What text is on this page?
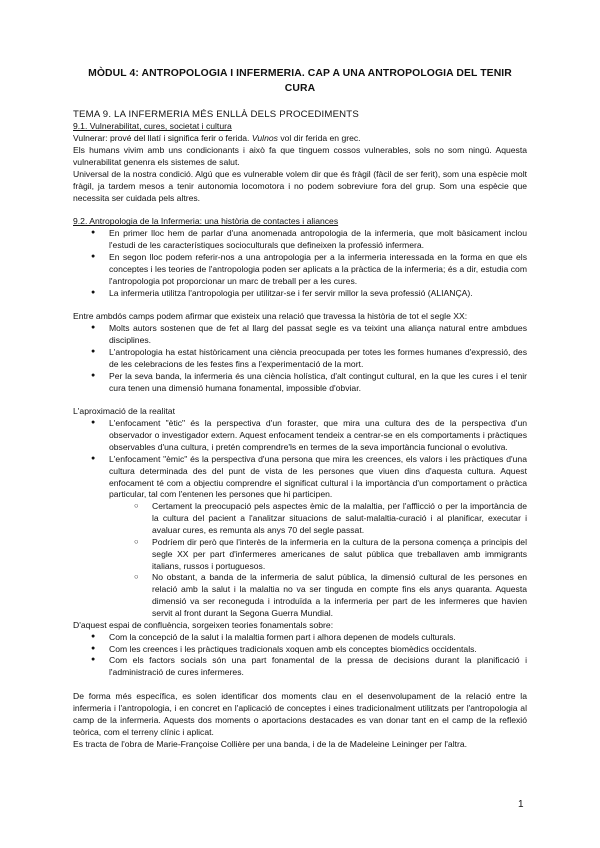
MÒDUL 4: ANTROPOLOGIA I INFERMERIA. CAP A UNA ANTROPOLOGIA DEL TENIR CURA

TEMA 9. LA INFERMERIA MÉS ENLLÀ DELS PROCEDIMENTS

9.1. Vulnerabilitat, cures, societat i cultura

Vulnerar: prové del llatí i significa ferir o ferida. Vulnos vol dir ferida en grec.

Els humans vivim amb uns condicionants i això fa que tinguem cossos vulnerables, sols no som ningú. Aquesta vulnerabilitat genenra els sistemes de salut.

Universal de la nostra condició. Algú que es vulnerable volem dir que és fràgil (fàcil de ser ferit), som una espècie molt fràgil, ja tardem mesos a tenir autonomia locomotora i no podem sobreviure fora del grup. Som una espècie que necessita ser cuidada pels altres.

9.2. Antropologia de la Infermeria: una història de contactes i aliances

● En primer lloc hem de parlar d'una anomenada antropologia de la infermeria, que molt bàsicament inclou l'estudi de les característiques socioculturals que defineixen la professió infermera.
● En segon lloc podem referir-nos a una antropologia per a la infermeria interessada en la forma en que els conceptes i les teories de l'antropologia poden ser aplicats a la pràctica de la infermeria; és a dir, estudia com l'antropologia pot proporcionar un marc de treball per a les cures.
● La infermeria utilitza l'antropologia per utilitzar-se i fer servir millor la seva professió (ALIANÇA).

Entre ambdós camps podem afirmar que existeix una relació que travessa la història de tot el segle XX:

● Molts autors sostenen que de fet al llarg del passat segle es va teixint una aliança natural entre ambdues disciplines.
● L'antropologia ha estat històricament una ciència preocupada per totes les formes humanes d'expressió, des de les celebracions de les festes fins a l'experimentació de la mort.
● Per la seva banda, la infermeria és una ciència holística, d'alt contingut cultural, en la que les cures i el tenir cura tenen una dimensió humana fonamental, impossible d'obviar.

L'aproximació de la realitat

● L'enfocament "ètic" és la perspectiva d'un foraster, que mira una cultura des de la perspectiva d'un observador o investigador extern. Aquest enfocament tendeix a centrar-se en els comportaments i pràctiques observables d'una cultura, i pretén comprendre'ls en termes de la seva importància funcional o evolutiva.
● L'enfocament "èmic" és la perspectiva d'una persona que mira les creences, els valors i les pràctiques d'una cultura determinada des del punt de vista de les persones que viuen dins d'aquesta cultura. Aquest enfocament té com a objectiu comprendre el significat cultural i la importància d'un comportament o pràctica particular, tal com l'entenen les persones que hi participen.
○ Certament la preocupació pels aspectes èmic de la malaltia, per l'afflicció o per la importància de la cultura del pacient a l'analitzar situacions de salut-malaltia-curació i al planificar, executar i avaluar cures, es remunta als anys 70 del segle passat.
○ Podríem dir però que l'interès de la infermeria en la cultura de la persona comença a principis del segle XX per part d'infermeres americanes de salut pública que treballaven amb immigrants italians, russos i portuguesos.
○ No obstant, a banda de la infermeria de salut pública, la dimensió cultural de les persones en relació amb la salut i la malaltia no va ser tinguda en compte fins els anys quaranta. Aquesta dimensió va ser reconeguda i introduïda a la infermeria per part de les infermeres que havien servit al front durant la Segona Guerra Mundial.

D'aquest espai de confluència, sorgeixen teories fonamentals sobre:

● Com la concepció de la salut i la malaltia formen part i alhora depenen de models culturals.
● Com les creences i les pràctiques tradicionals xoquen amb els conceptes biomèdics occidentals.
● Com els factors socials són una part fonamental de la pressa de decisions durant la planificació i l'administració de cures infermeres.

De forma més específica, es solen identificar dos moments clau en el desenvolupament de la relació entre la infermeria i l'antropologia, i en concret en l'aplicació de conceptes i eines tradicionalment utilitzats per l'antropologia al camp de la infermeria. Aquests dos moments o aportacions destacades es van donar tant en el camp de la reflexió teòrica, com el terreny clínic i aplicat.

Es tracta de l'obra de Marie-Françoise Collière per una banda, i de la de Madeleine Leininger per l'altra.

1
